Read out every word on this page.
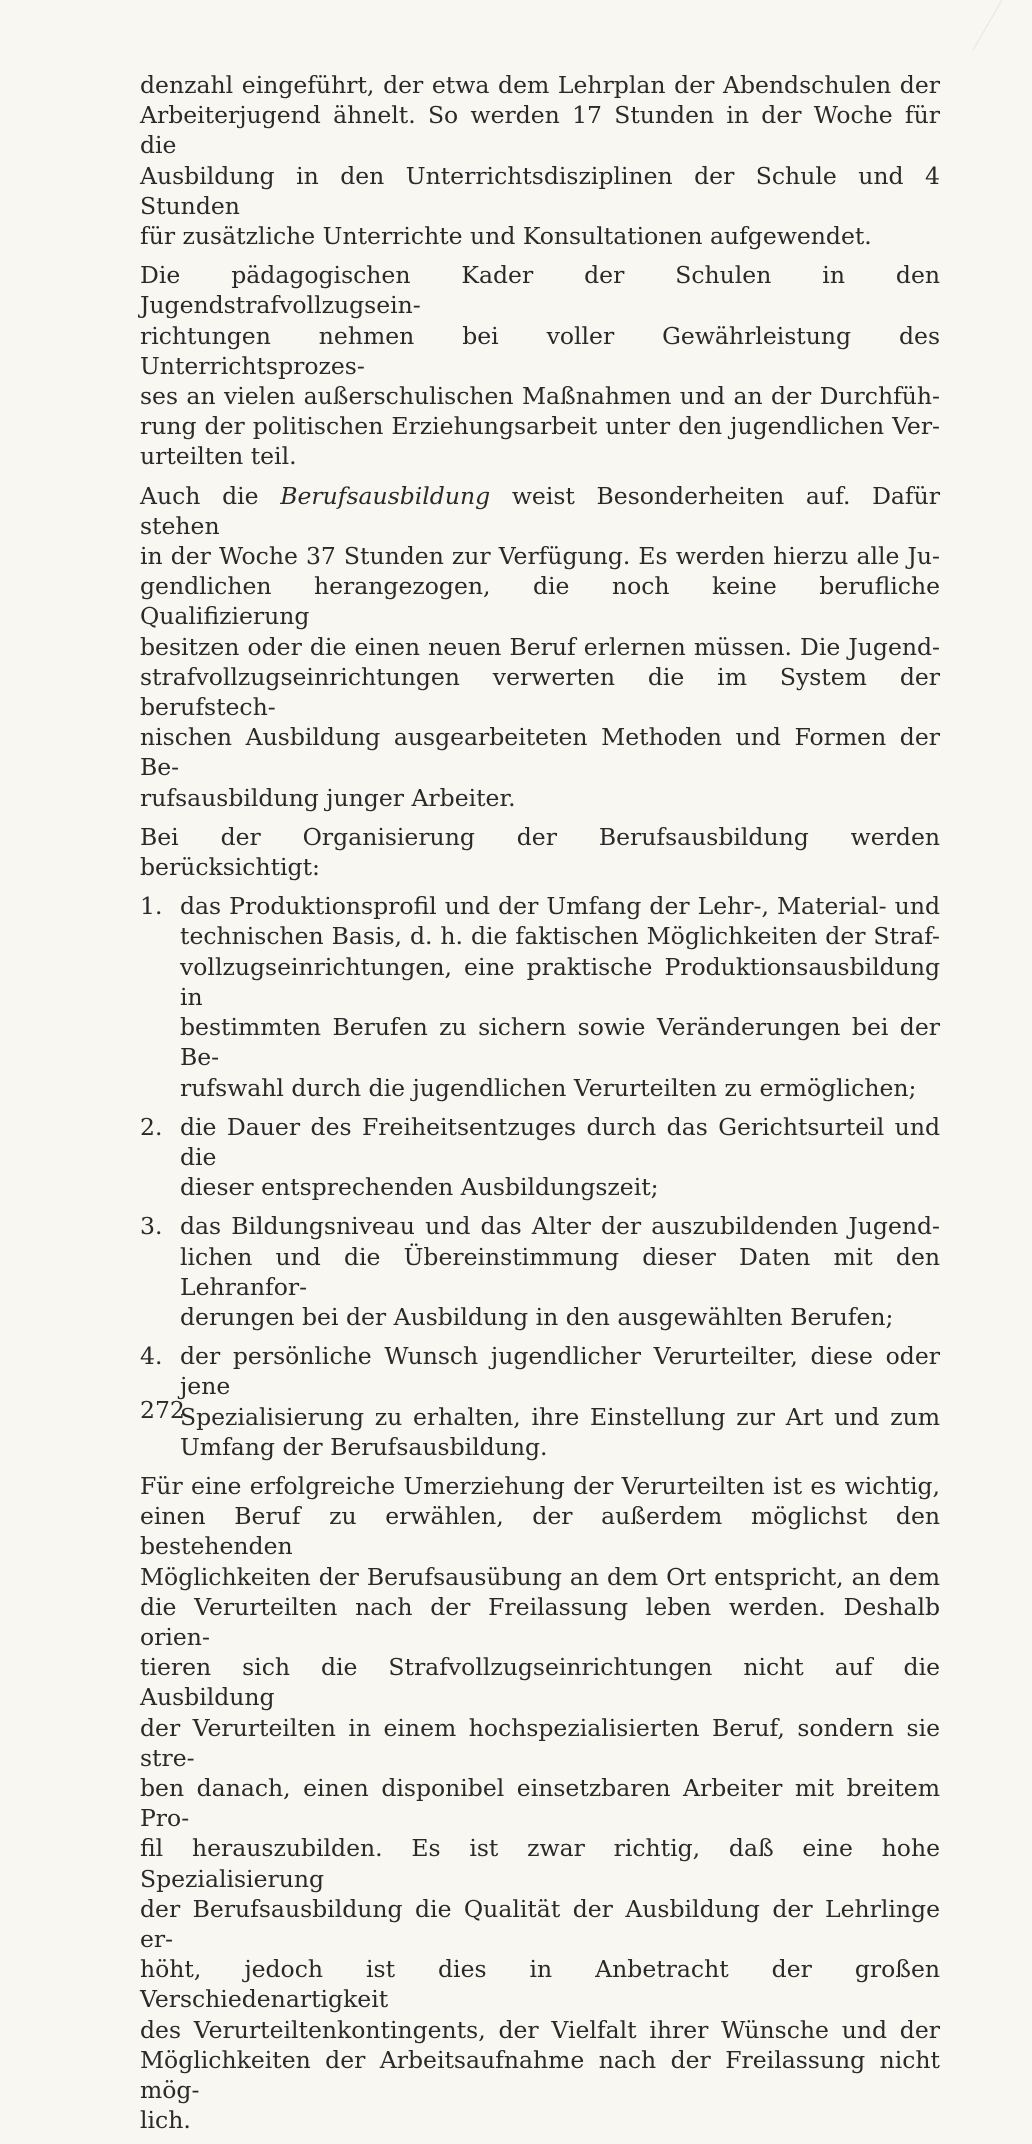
denzahl eingeführt, der etwa dem Lehrplan der Abendschulen der
Arbeiterjugend ähnelt. So werden 17 Stunden in der Woche für die
Ausbildung in den Unterrichtsdisziplinen der Schule und 4 Stunden
für zusätzliche Unterrichte und Konsultationen aufgewendet.
Die pädagogischen Kader der Schulen in den Jugendstrafvollzugsein-
richtungen nehmen bei voller Gewährleistung des Unterrichtsprozes-
ses an vielen außerschulischen Maßnahmen und an der Durchfüh-
rung der politischen Erziehungsarbeit unter den jugendlichen Ver-
urteilten teil.
Auch die Berufsausbildung weist Besonderheiten auf. Dafür stehen
in der Woche 37 Stunden zur Verfügung. Es werden hierzu alle Ju-
gendlichen herangezogen, die noch keine berufliche Qualifizierung
besitzen oder die einen neuen Beruf erlernen müssen. Die Jugend-
strafvollzugseinrichtungen verwerten die im System der berufstech-
nischen Ausbildung ausgearbeiteten Methoden und Formen der Be-
rufsausbildung junger Arbeiter.
Bei der Organisierung der Berufsausbildung werden berücksichtigt:
1. das Produktionsprofil und der Umfang der Lehr-, Material- und
technischen Basis, d. h. die faktischen Möglichkeiten der Straf-
vollzugseinrichtungen, eine praktische Produktionsausbildung in
bestimmten Berufen zu sichern sowie Veränderungen bei der Be-
rufswahl durch die jugendlichen Verurteilten zu ermöglichen;
2. die Dauer des Freiheitsentzuges durch das Gerichtsurteil und die
dieser entsprechenden Ausbildungszeit;
3. das Bildungsniveau und das Alter der auszubildenden Jugend-
lichen und die Übereinstimmung dieser Daten mit den Lehranfor-
derungen bei der Ausbildung in den ausgewählten Berufen;
4. der persönliche Wunsch jugendlicher Verurteilter, diese oder jene
Spezialisierung zu erhalten, ihre Einstellung zur Art und zum
Umfang der Berufsausbildung.
Für eine erfolgreiche Umerziehung der Verurteilten ist es wichtig,
einen Beruf zu erwählen, der außerdem möglichst den bestehenden
Möglichkeiten der Berufsausübung an dem Ort entspricht, an dem
die Verurteilten nach der Freilassung leben werden. Deshalb orien-
tieren sich die Strafvollzugseinrichtungen nicht auf die Ausbildung
der Verurteilten in einem hochspezialisierten Beruf, sondern sie stre-
ben danach, einen disponibel einsetzbaren Arbeiter mit breitem Pro-
fil herauszubilden. Es ist zwar richtig, daß eine hohe Spezialisierung
der Berufsausbildung die Qualität der Ausbildung der Lehrlinge er-
höht, jedoch ist dies in Anbetracht der großen Verschiedenartigkeit
des Verurteiltenkontingents, der Vielfalt ihrer Wünsche und der
Möglichkeiten der Arbeitsaufnahme nach der Freilassung nicht mög-
lich.
272
